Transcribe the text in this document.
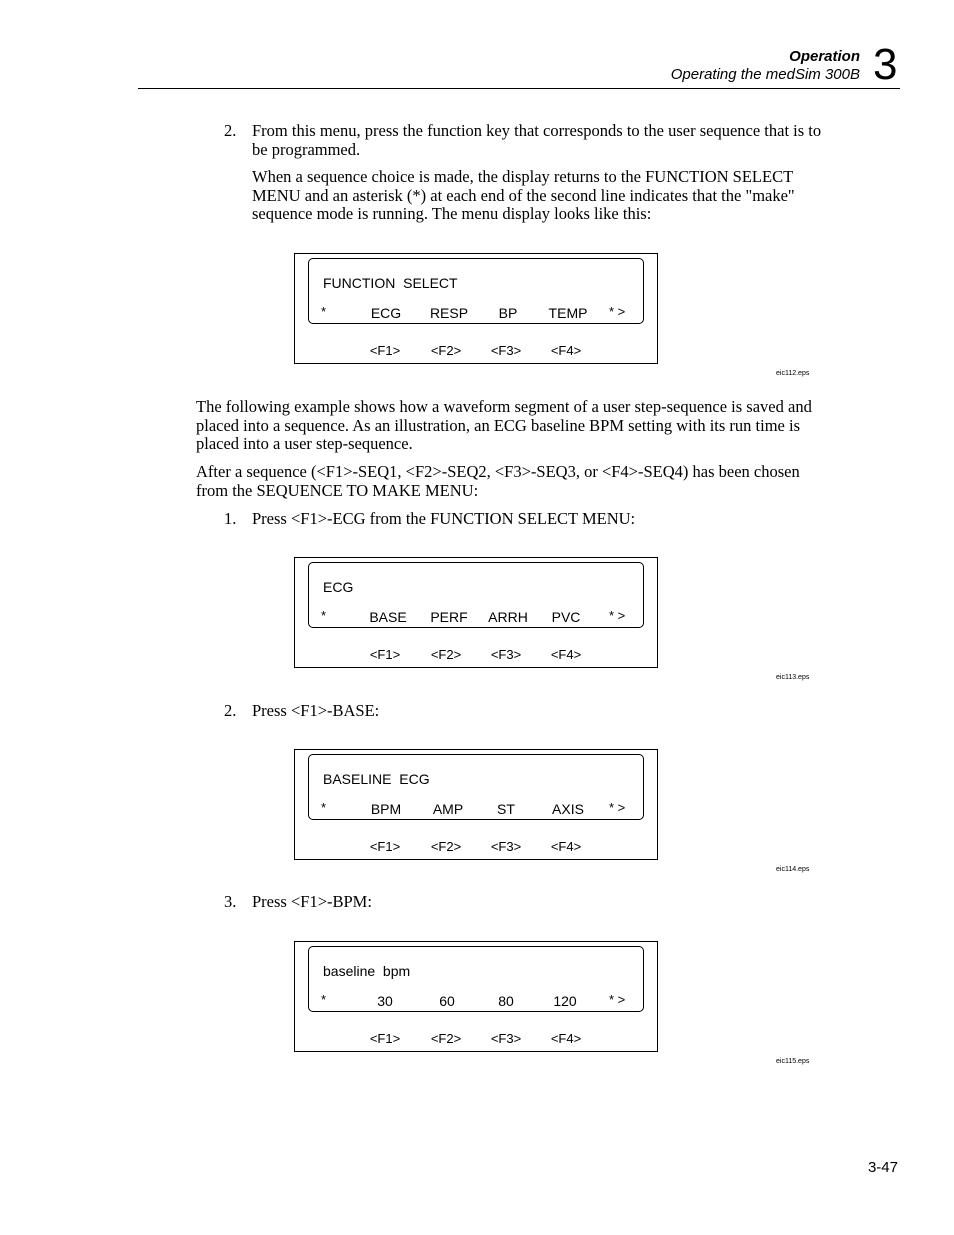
Operation
Operating the medSim 300B 3
2. From this menu, press the function key that corresponds to the user sequence that is to be programmed.

When a sequence choice is made, the display returns to the FUNCTION SELECT MENU and an asterisk (*) at each end of the second line indicates that the "make" sequence mode is running. The menu display looks like this:

FUNCTION  SELECT
*	ECG RESP BP TEMP * >
<F1> <F2> <F3> <F4>
eic112.eps

The following example shows how a waveform segment of a user step-sequence is saved and placed into a sequence. As an illustration, an ECG baseline BPM setting with its run time is placed into a user step-sequence.

After a sequence (<F1>-SEQ1, <F2>-SEQ2, <F3>-SEQ3, or <F4>-SEQ4) has been chosen from the SEQUENCE TO MAKE MENU:

1. Press <F1>-ECG from the FUNCTION SELECT MENU:
ECG
*	BASE PERF ARRH PVC * >
<F1> <F2> <F3> <F4>
eic113.eps
2. Press <F1>-BASE:
BASELINE  ECG
*	BPM AMP ST	AXIS * >
<F1> <F2> <F3> <F4>
eic114.eps
3. Press <F1>-BPM:
baseline  bpm
*	30	60	80	120 * >
<F1> <F2> <F3> <F4>
eic115.eps
3-47
